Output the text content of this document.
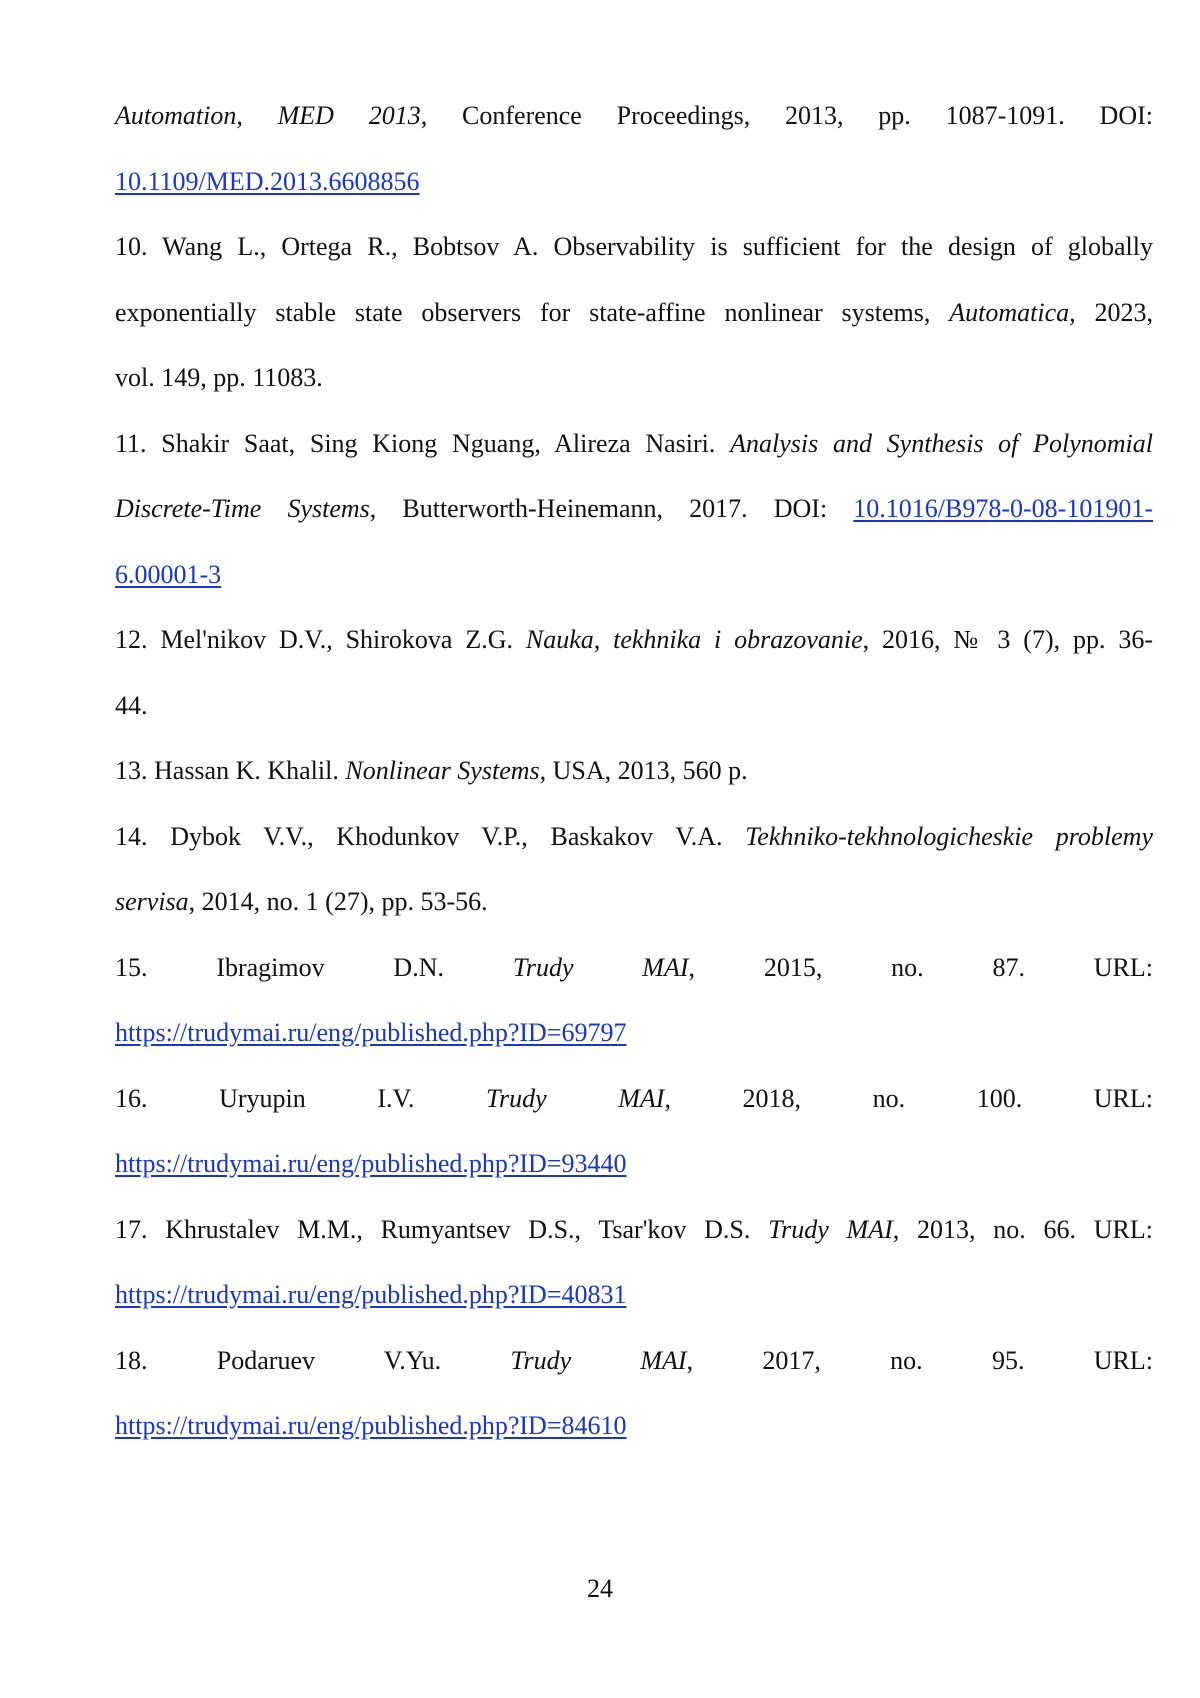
Automation, MED 2013, Conference Proceedings, 2013, pp. 1087-1091. DOI:
10.1109/MED.2013.6608856
10. Wang L., Ortega R., Bobtsov A. Observability is sufficient for the design of globally
exponentially stable state observers for state-affine nonlinear systems, Automatica, 2023,
vol. 149, pp. 11083.
11. Shakir Saat, Sing Kiong Nguang, Alireza Nasiri. Analysis and Synthesis of Polynomial
Discrete-Time Systems, Butterworth-Heinemann, 2017. DOI: 10.1016/B978-0-08-101901-
6.00001-3
12. Mel'nikov D.V., Shirokova Z.G. Nauka, tekhnika i obrazovanie, 2016, № 3 (7), pp. 36-
44.
13. Hassan K. Khalil. Nonlinear Systems, USA, 2013, 560 p.
14. Dybok V.V., Khodunkov V.P., Baskakov V.A. Tekhniko-tekhnologicheskie problemy
servisa, 2014, no. 1 (27), pp. 53-56.
15. Ibragimov D.N. Trudy MAI, 2015, no. 87. URL:
https://trudymai.ru/eng/published.php?ID=69797
16. Uryupin I.V. Trudy MAI, 2018, no. 100. URL:
https://trudymai.ru/eng/published.php?ID=93440
17. Khrustalev M.M., Rumyantsev D.S., Tsar'kov D.S. Trudy MAI, 2013, no. 66. URL:
https://trudymai.ru/eng/published.php?ID=40831
18. Podaruev V.Yu. Trudy MAI, 2017, no. 95. URL:
https://trudymai.ru/eng/published.php?ID=84610
24
